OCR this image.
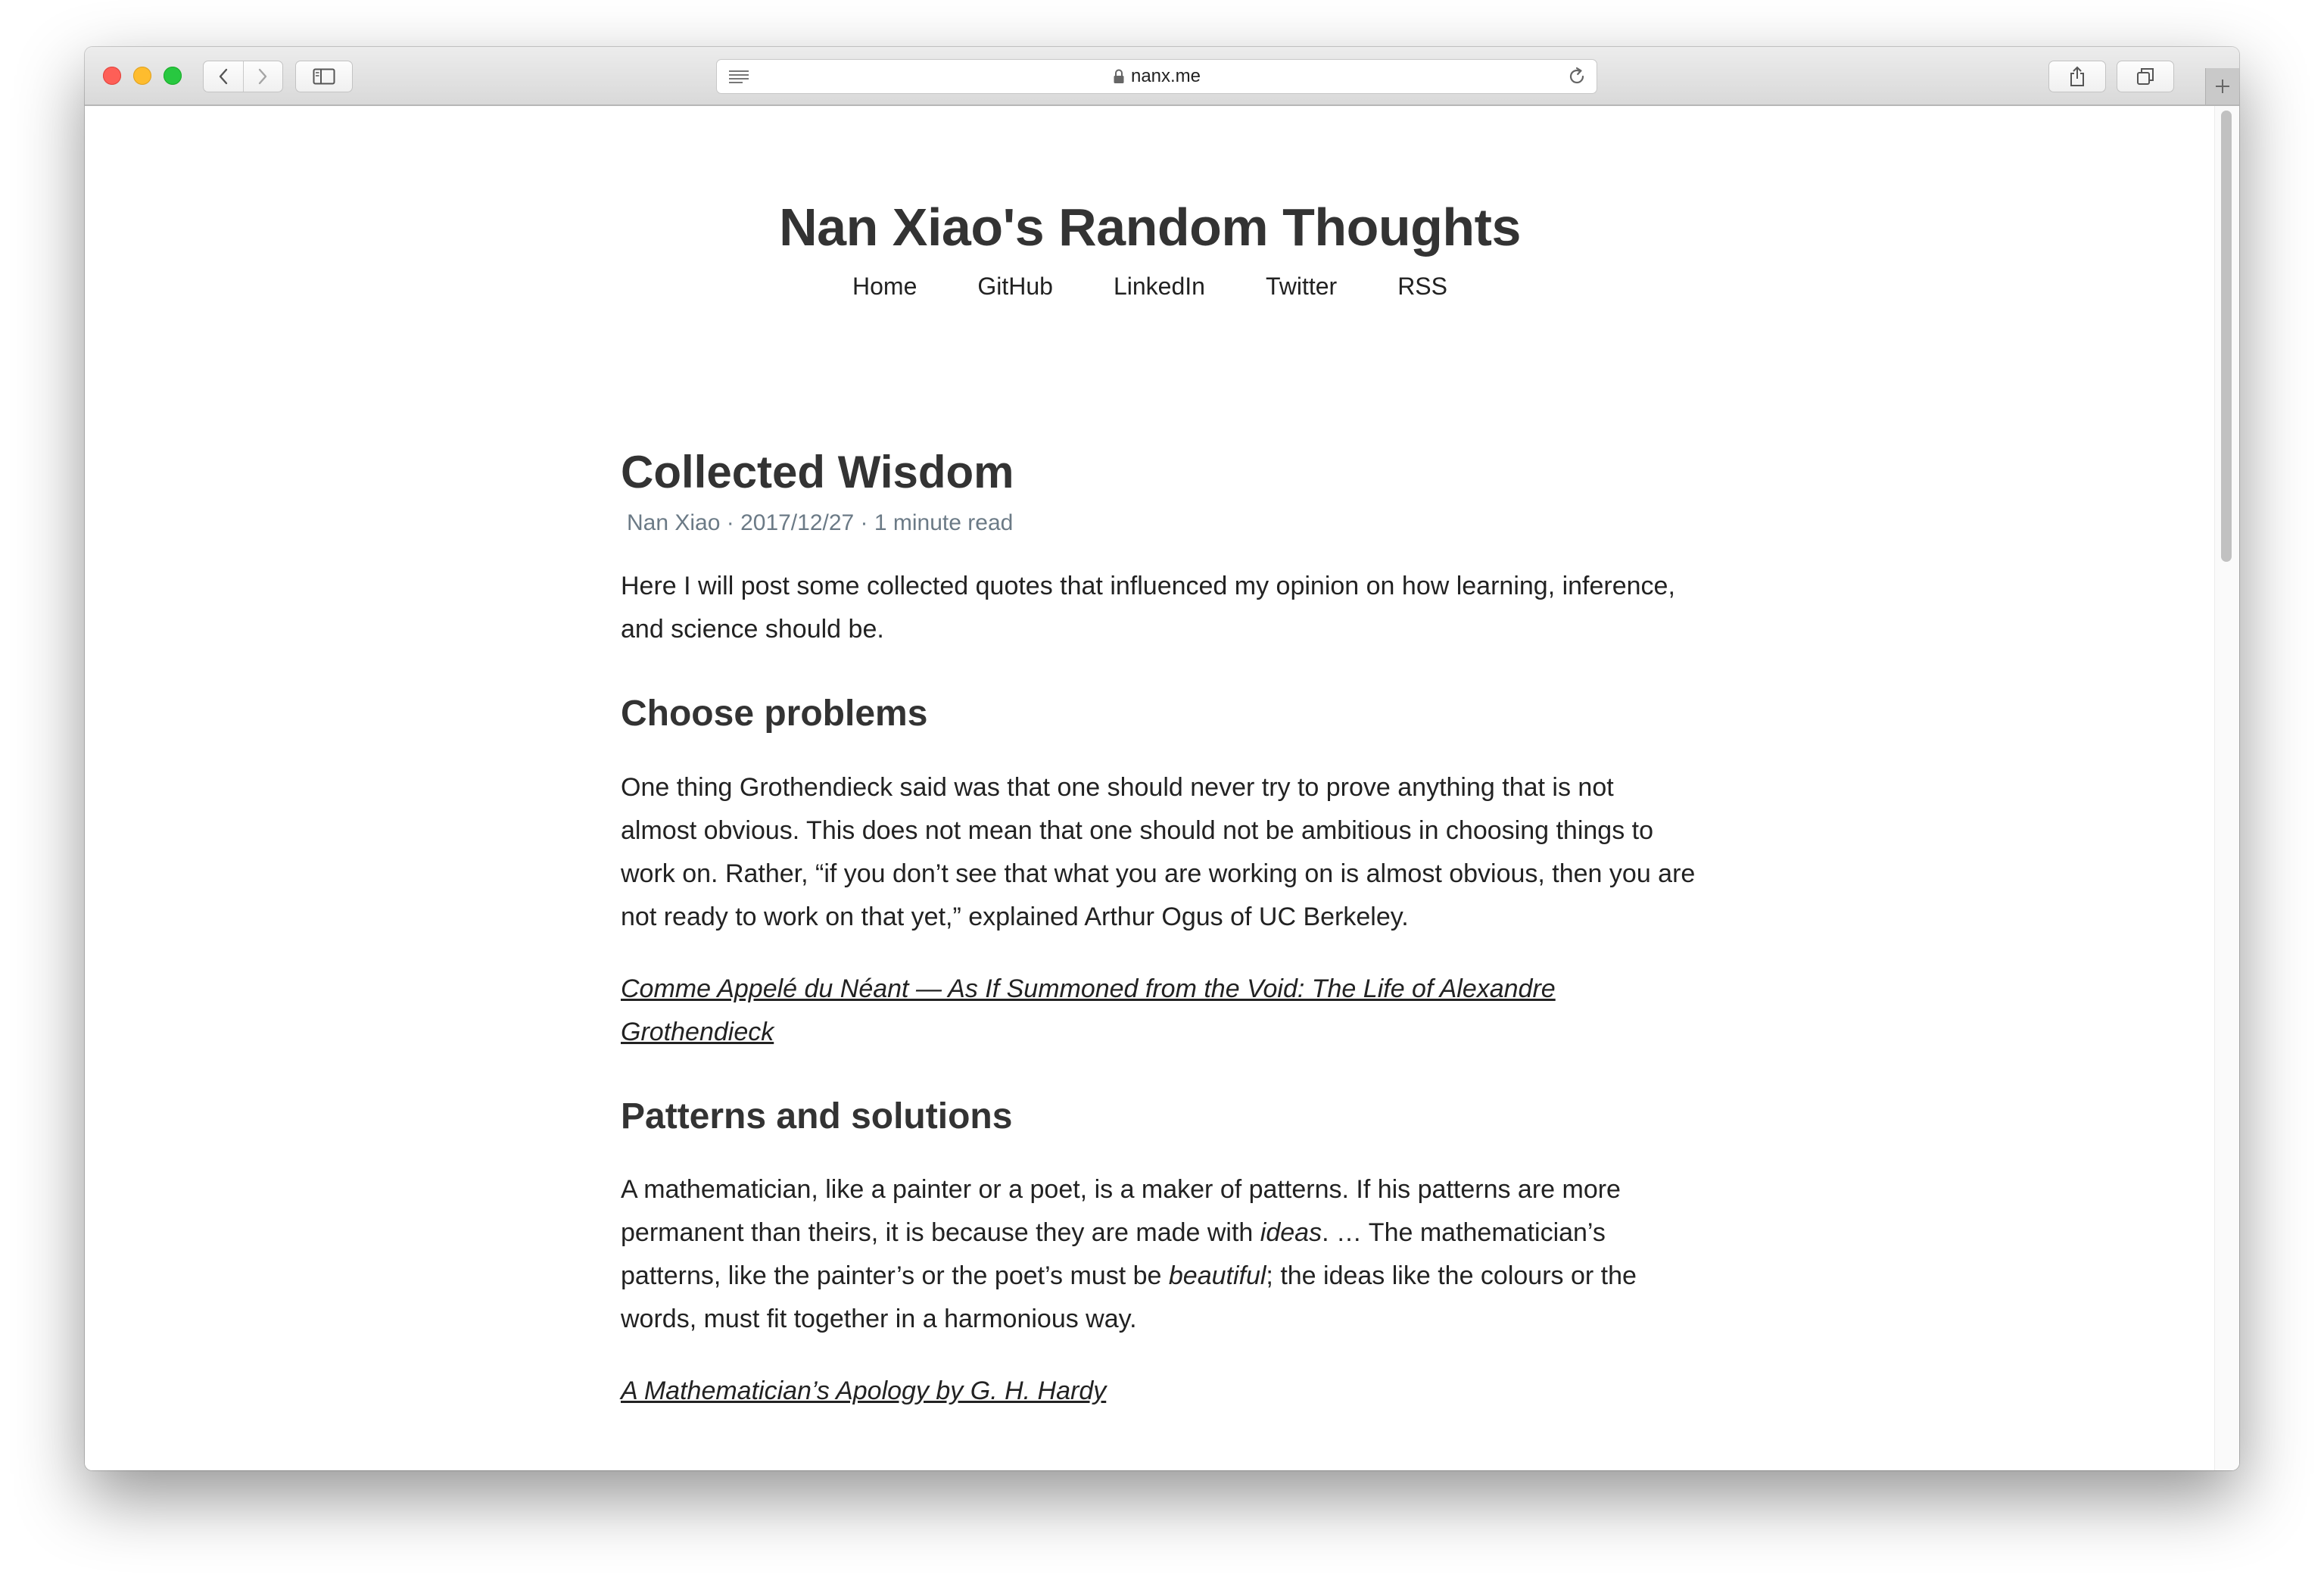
nanx.me
Nan Xiao's Random Thoughts
Home	GitHub	LinkedIn	Twitter	RSS
Collected Wisdom
Nan Xiao · 2017/12/27 · 1 minute read

Here I will post some collected quotes that influenced my opinion on how learning, inference, and science should be.

Choose problems

One thing Grothendieck said was that one should never try to prove anything that is not almost obvious. This does not mean that one should not be ambitious in choosing things to work on. Rather, “if you don’t see that what you are working on is almost obvious, then you are not ready to work on that yet,” explained Arthur Ogus of UC Berkeley.

Comme Appelé du Néant — As If Summoned from the Void: The Life of Alexandre Grothendieck

Patterns and solutions

A mathematician, like a painter or a poet, is a maker of patterns. If his patterns are more permanent than theirs, it is because they are made with ideas. … The mathematician’s patterns, like the painter’s or the poet’s must be beautiful; the ideas like the colours or the words, must fit together in a harmonious way.

A Mathematician’s Apology by G. H. Hardy
